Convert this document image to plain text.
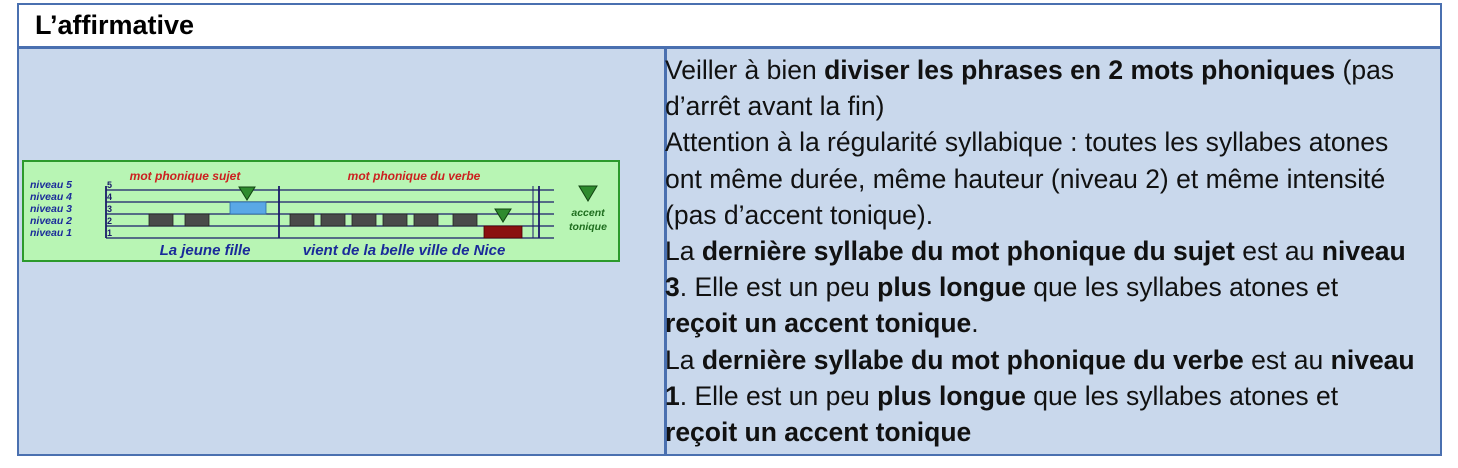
L’affirmative
mot phonique sujet	mot phonique du verbe
niveau 5
niveau 4
niveau 3
niveau 2
niveau 1
5
4
3
2
1
accent
tonique
La jeune fille	vient de la belle ville de Nice

Veiller à bien diviser les phrases en 2 mots phoniques (pas d’arrêt avant la fin)

Attention à la régularité syllabique : toutes les syllabes atones ont même durée, même hauteur (niveau 2) et même intensité (pas d’accent tonique).

La dernière syllabe du mot phonique du sujet est au niveau 3. Elle est un peu plus longue que les syllabes atones et reçoit un accent tonique.

La dernière syllabe du mot phonique du verbe est au niveau 1. Elle est un peu plus longue que les syllabes atones et reçoit un accent tonique
